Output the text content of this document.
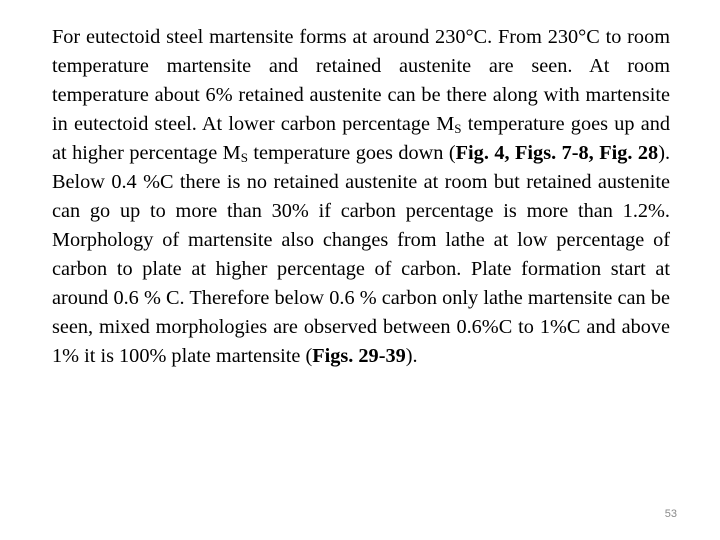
For eutectoid steel martensite forms at around 230°C. From 230°C to room temperature martensite and retained austenite are seen. At room temperature about 6% retained austenite can be there along with martensite in eutectoid steel. At lower carbon percentage $M_S$ temperature goes up and at higher percentage $M_S$ temperature goes down (Fig. 4, Figs. 7-8, Fig. 28). Below 0.4 %C there is no retained austenite at room but retained austenite can go up to more than 30% if carbon percentage is more than 1.2%. Morphology of martensite also changes from lathe at low percentage of carbon to plate at higher percentage of carbon. Plate formation start at around 0.6 % C. Therefore below 0.6 % carbon only lathe martensite can be seen, mixed morphologies are observed between 0.6%C to 1%C and above 1% it is 100% plate martensite (Figs. 29-39).

53
